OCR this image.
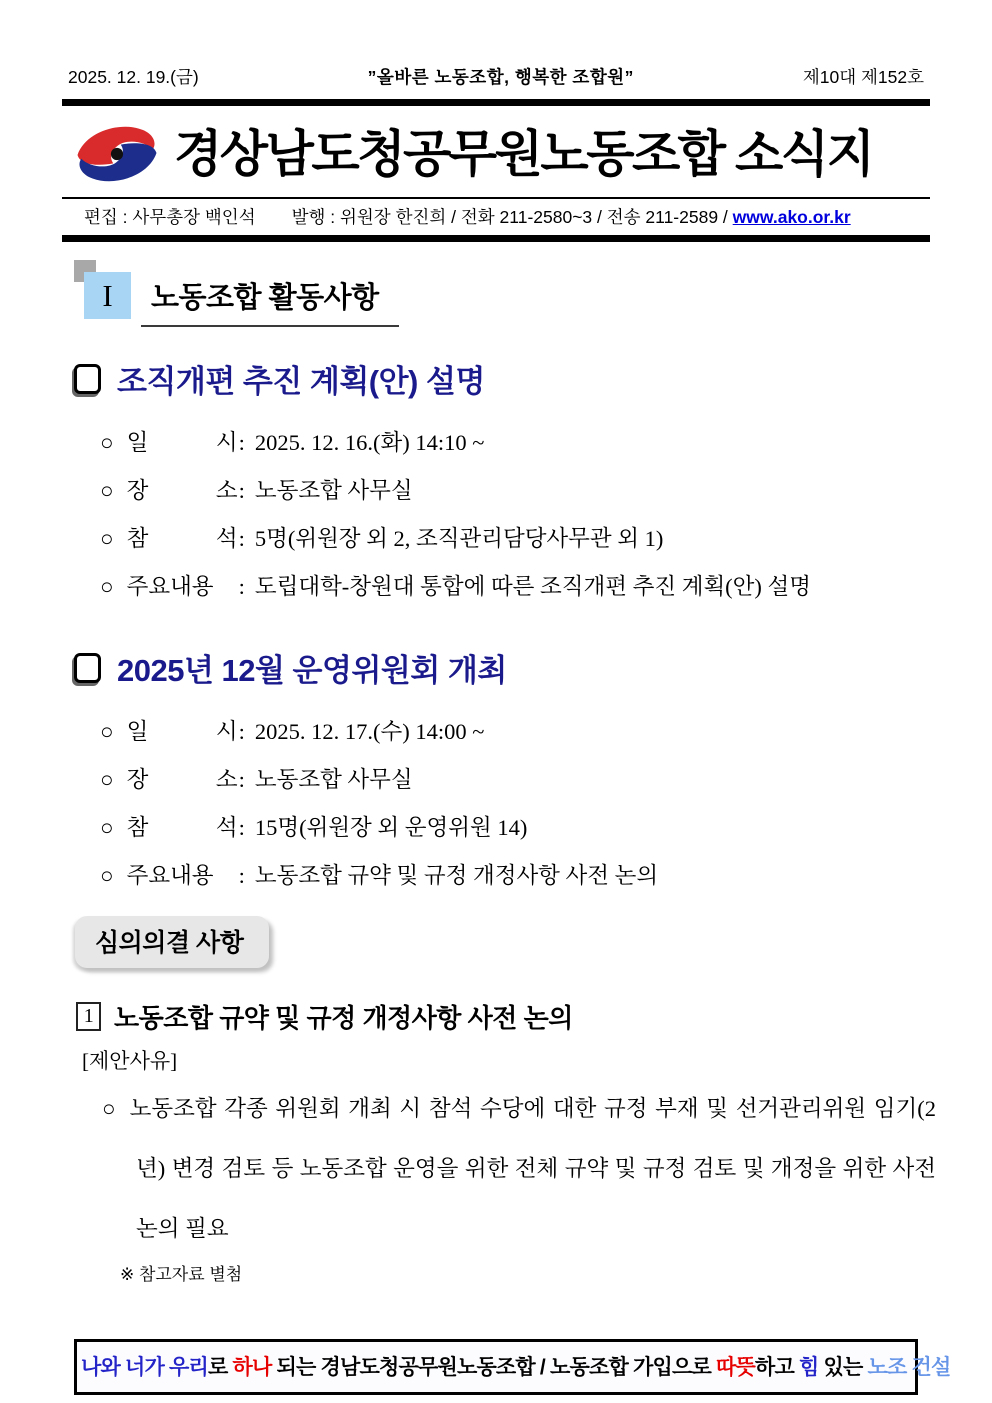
2025. 12. 19.(금)	”올바른 노동조합, 행복한 조합원”	제10대 제152호
경상남도청공무원노동조합 소식지
편집 : 사무총장 백인석 발행 : 위원장 한진희 / 전화 211-2580~3 / 전송 211-2589 / www.ako.or.kr
I	노동조합 활동사항
조직개편 추진 계획(안) 설명
○ 일　　　시: 2025. 12. 16.(화) 14:10 ~
○ 장　　　소: 노동조합 사무실
○ 참　　　석: 5명(위원장 외 2, 조직관리담당사무관 외 1)
○ 주요내용 : 도립대학-창원대 통합에 따른 조직개편 추진 계획(안) 설명
2025년 12월 운영위원회 개최
○ 일　　　시: 2025. 12. 17.(수) 14:00 ~
○ 장　　　소: 노동조합 사무실
○ 참　　　석: 15명(위원장 외 운영위원 14)
○ 주요내용 : 노동조합 규약 및 규정 개정사항 사전 논의
심의의결 사항
1 노동조합 규약 및 규정 개정사항 사전 논의
[제안사유]
○ 노동조합 각종 위원회 개최 시 참석 수당에 대한 규정 부재 및 선거관리위원 임기(2년) 변경 검토 등 노동조합 운영을 위한 전체 규약 및 규정 검토 및 개정을 위한 사전 논의 필요
※ 참고자료 별첨
나와 너가 우리로 하나 되는 경남도청공무원노동조합 / 노동조합 가입으로 따뜻하고 힘 있는 노조 건설
